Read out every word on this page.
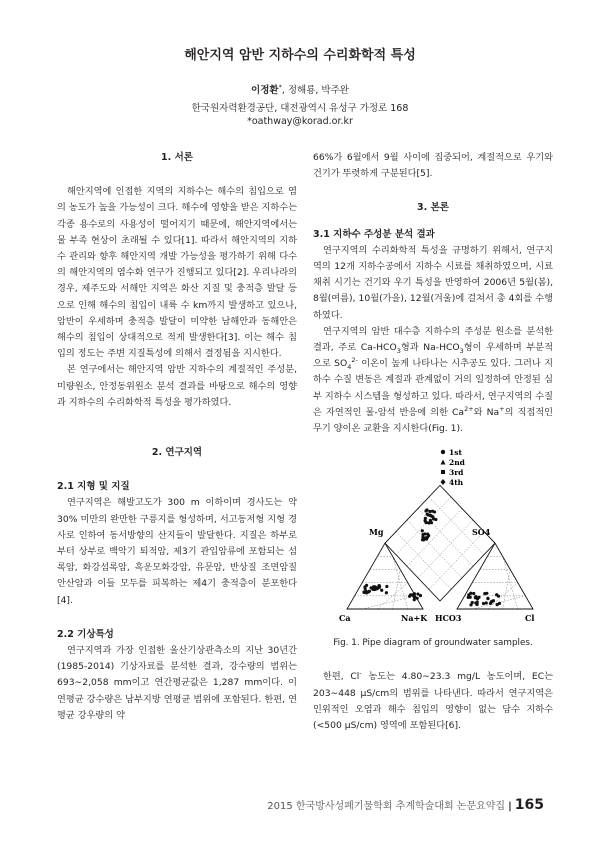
해안지역 암반 지하수의 수리화학적 특성
이정환*, 정해룡, 박주완
한국원자력환경공단, 대전광역시 유성구 가정로 168
*oathway@korad.or.kr

1. 서론

해안지역에 인접한 지역의 지하수는 해수의 침입으로 염의 농도가 높을 가능성이 크다. 해수에 영향을 받은 지하수는 각종 용수로의 사용성이 떨어지기 때문에, 해안지역에서는 물 부족 현상이 초래될 수 있다[1]. 따라서 해안지역의 지하수 관리와 향후 해안지역 개발 가능성을 평가하기 위해 다수의 해안지역의 염수화 연구가 진행되고 있다[2]. 우리나라의 경우, 제주도와 서해안 지역은 화산 지질 및 충적층 발달 등으로 인해 해수의 침입이 내륙 수 km까지 발생하고 있으나, 암반이 우세하며 충적층 발달이 미약한 남해안과 동해안은 해수의 침입이 상대적으로 적게 발생한다[3]. 이는 해수 침입의 정도는 주변 지질특성에 의해서 결정됨을 지시한다.

본 연구에서는 해안지역 암반 지하수의 계절적인 주성분, 미량원소, 안정동위원소 분석 결과를 바탕으로 해수의 영향과 지하수의 수리화학적 특성을 평가하였다.

2. 연구지역

2.1 지형 및 지질

연구지역은 해발고도가 300 m 이하이며 경사도는 약 30% 미만의 완만한 구릉지를 형성하며, 서고동저형 지형 경사로 인하여 동서방향의 산지들이 발달한다. 지질은 하부로부터 상부로 백악기 퇴적암, 제3기 관입암류에 포함되는 섬록암, 화강섬록암, 흑운모화강암, 유문암, 반상질 조면암질 안산암과 이들 모두를 피복하는 제4기 충적층이 분포한다[4].

2.2 기상특성

연구지역과 가장 인접한 울산기상관측소의 지난 30년간(1985-2014) 기상자료를 분석한 결과, 강수량의 범위는 693∼2,058 mm이고 연간평균값은 1,287 mm이다. 이 연평균 강수량은 남부지방 연평균 범위에 포함된다. 한편, 연평균 강우량의 약

66%가 6월에서 9월 사이에 집중되어, 계절적으로 우기와 건기가 뚜렷하게 구분된다[5].

3. 본론

3.1 지하수 주성분 분석 결과

연구지역의 수리화학적 특성을 규명하기 위해서, 연구지역의 12개 지하수공에서 지하수 시료를 채취하였으며, 시료채취 시기는 건기와 우기 특성을 반영하여 2006년 5월(봄), 8월(여름), 10월(가을), 12월(겨울)에 걸쳐서 총 4회를 수행하였다.

연구지역의 암반 대수층 지하수의 주성분 원소를 분석한 결과, 주로 $Ca-HCO_3$형과 $Na-HCO_3$형이 우세하며 부분적으로 $SO_4^{2-}$ 이온이 높게 나타나는 시추공도 있다. 그러나 지하수 수질 변동은 계절과 관계없이 거의 일정하여 안정된 심부 지하수 시스템을 형성하고 있다. 따라서, 연구지역의 수질은 자연적인 물-암석 반응에 의한 $Ca^{2+}$와 Na+의 직접적인 무기 양이온 교환을 지시한다(Fig. 1).

1st
2nd
3rd
4th
Mg	SO4
Ca	Na+K HCO3	Cl

Fig. 1. Pipe diagram of groundwater samples.

한편, Cl- 농도는 4.80∼23.3 mg/L 농도이며, EC는 203∼448 μS/cm의 범위를 나타낸다. 따라서 연구지역은 인위적인 오염과 해수 침입의 영향이 없는 담수 지하수(<500 μS/cm) 영역에 포함된다[6].

2015 한국방사성폐기물학회 추계학술대회 논문요약집 | 165
